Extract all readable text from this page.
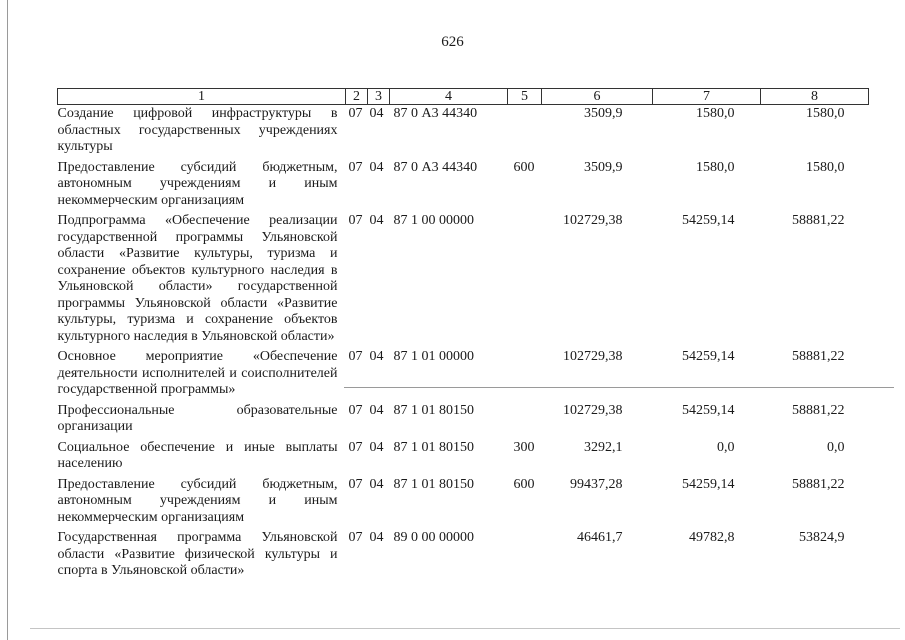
626
1	2	3	4	5	6	7	8
Создание цифровой инфраструктуры в областных государственных учреждениях культуры	07	04	87 0 А3 44340		3509,9	1580,0	1580,0
Предоставление субсидий бюджетным, автономным учреждениям и иным некоммерческим организациям	07	04	87 0 А3 44340	600	3509,9	1580,0	1580,0
Подпрограмма «Обеспечение реализации государственной программы Ульяновской области «Развитие культуры, туризма и сохранение объектов культурного наследия в Ульяновской области» государственной программы Ульяновской области «Развитие культуры, туризма и сохранение объектов культурного наследия в Ульяновской области»	07	04	87 1 00 00000		102729,38	54259,14	58881,22
Основное мероприятие «Обеспечение деятельности исполнителей и соисполнителей государственной программы»	07	04	87 1 01 00000		102729,38	54259,14	58881,22
Профессиональные образовательные организации	07	04	87 1 01 80150		102729,38	54259,14	58881,22
Социальное обеспечение и иные выплаты населению	07	04	87 1 01 80150	300	3292,1	0,0	0,0
Предоставление субсидий бюджетным, автономным учреждениям и иным некоммерческим организациям	07	04	87 1 01 80150	600	99437,28	54259,14	58881,22
Государственная программа Ульяновской области «Развитие физической культуры и спорта в Ульяновской области»	07	04	89 0 00 00000		46461,7	49782,8	53824,9
